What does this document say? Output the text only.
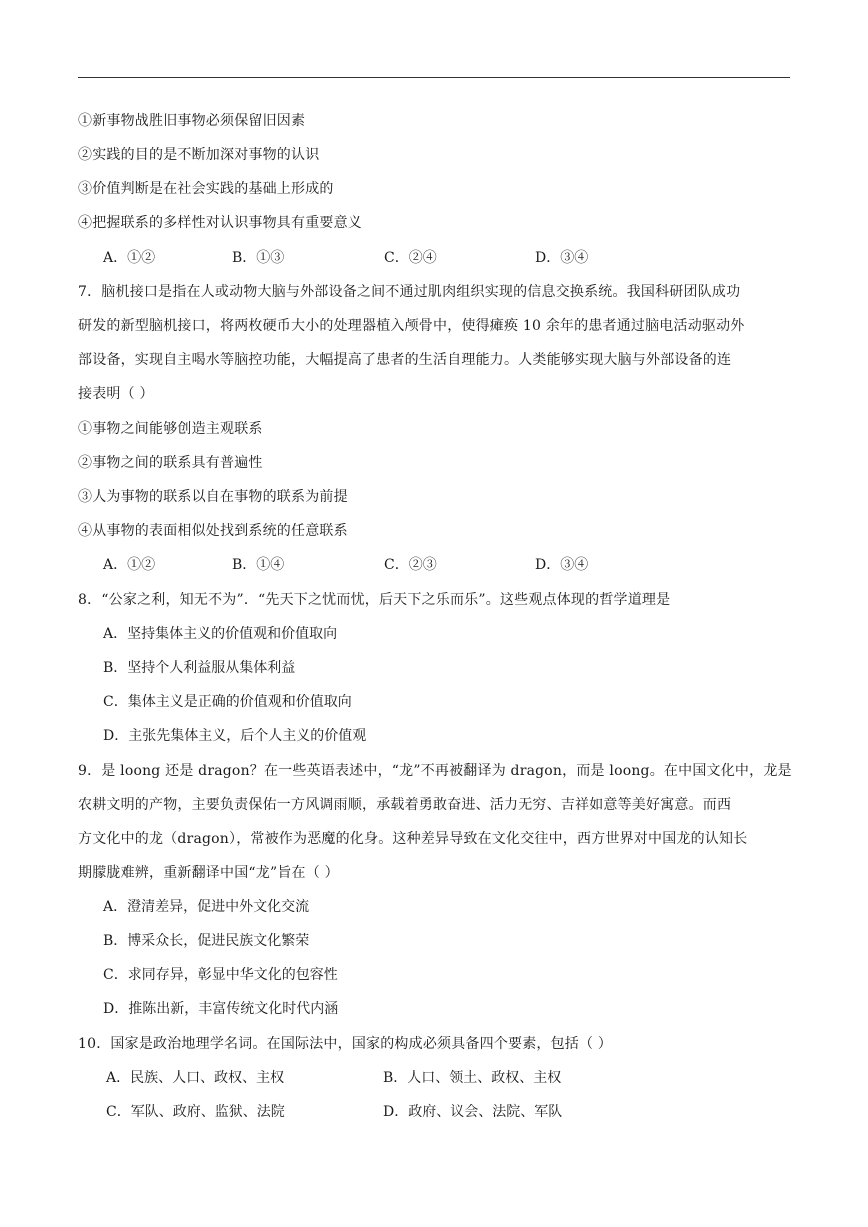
①新事物战胜旧事物必须保留旧因素
②实践的目的是不断加深对事物的认识
③价值判断是在社会实践的基础上形成的
④把握联系的多样性对认识事物具有重要意义
A．①②	B．①③	C．②④	D．③④
7．脑机接口是指在人或动物大脑与外部设备之间不通过肌肉组织实现的信息交换系统。我国科研团队成功
研发的新型脑机接口，将两枚硬币大小的处理器植入颅骨中，使得瘫痪 10 余年的患者通过脑电活动驱动外
部设备，实现自主喝水等脑控功能，大幅提高了患者的生活自理能力。人类能够实现大脑与外部设备的连
接表明（ ）
①事物之间能够创造主观联系
②事物之间的联系具有普遍性
③人为事物的联系以自在事物的联系为前提
④从事物的表面相似处找到系统的任意联系
A．①②	B．①④	C．②③	D．③④
8．“公家之利，知无不为”．“先天下之忧而忧，后天下之乐而乐”。这些观点体现的哲学道理是
A．坚持集体主义的价值观和价值取向
B．坚持个人利益服从集体利益
C．集体主义是正确的价值观和价值取向
D．主张先集体主义，后个人主义的价值观
9．是 loong 还是 dragon？在一些英语表述中，“龙”不再被翻译为 dragon，而是 loong。在中国文化中，龙是
农耕文明的产物，主要负责保佑一方风调雨顺，承载着勇敢奋进、活力无穷、吉祥如意等美好寓意。而西
方文化中的龙（dragon），常被作为恶魔的化身。这种差异导致在文化交往中，西方世界对中国龙的认知长
期朦胧难辨，重新翻译中国“龙”旨在（ ）
A．澄清差异，促进中外文化交流
B．博采众长，促进民族文化繁荣
C．求同存异，彰显中华文化的包容性
D．推陈出新，丰富传统文化时代内涵
10．国家是政治地理学名词。在国际法中，国家的构成必须具备四个要素，包括（ ）
A．民族、人口、政权、主权	B．人口、领土、政权、主权
C．军队、政府、监狱、法院	D．政府、议会、法院、军队
